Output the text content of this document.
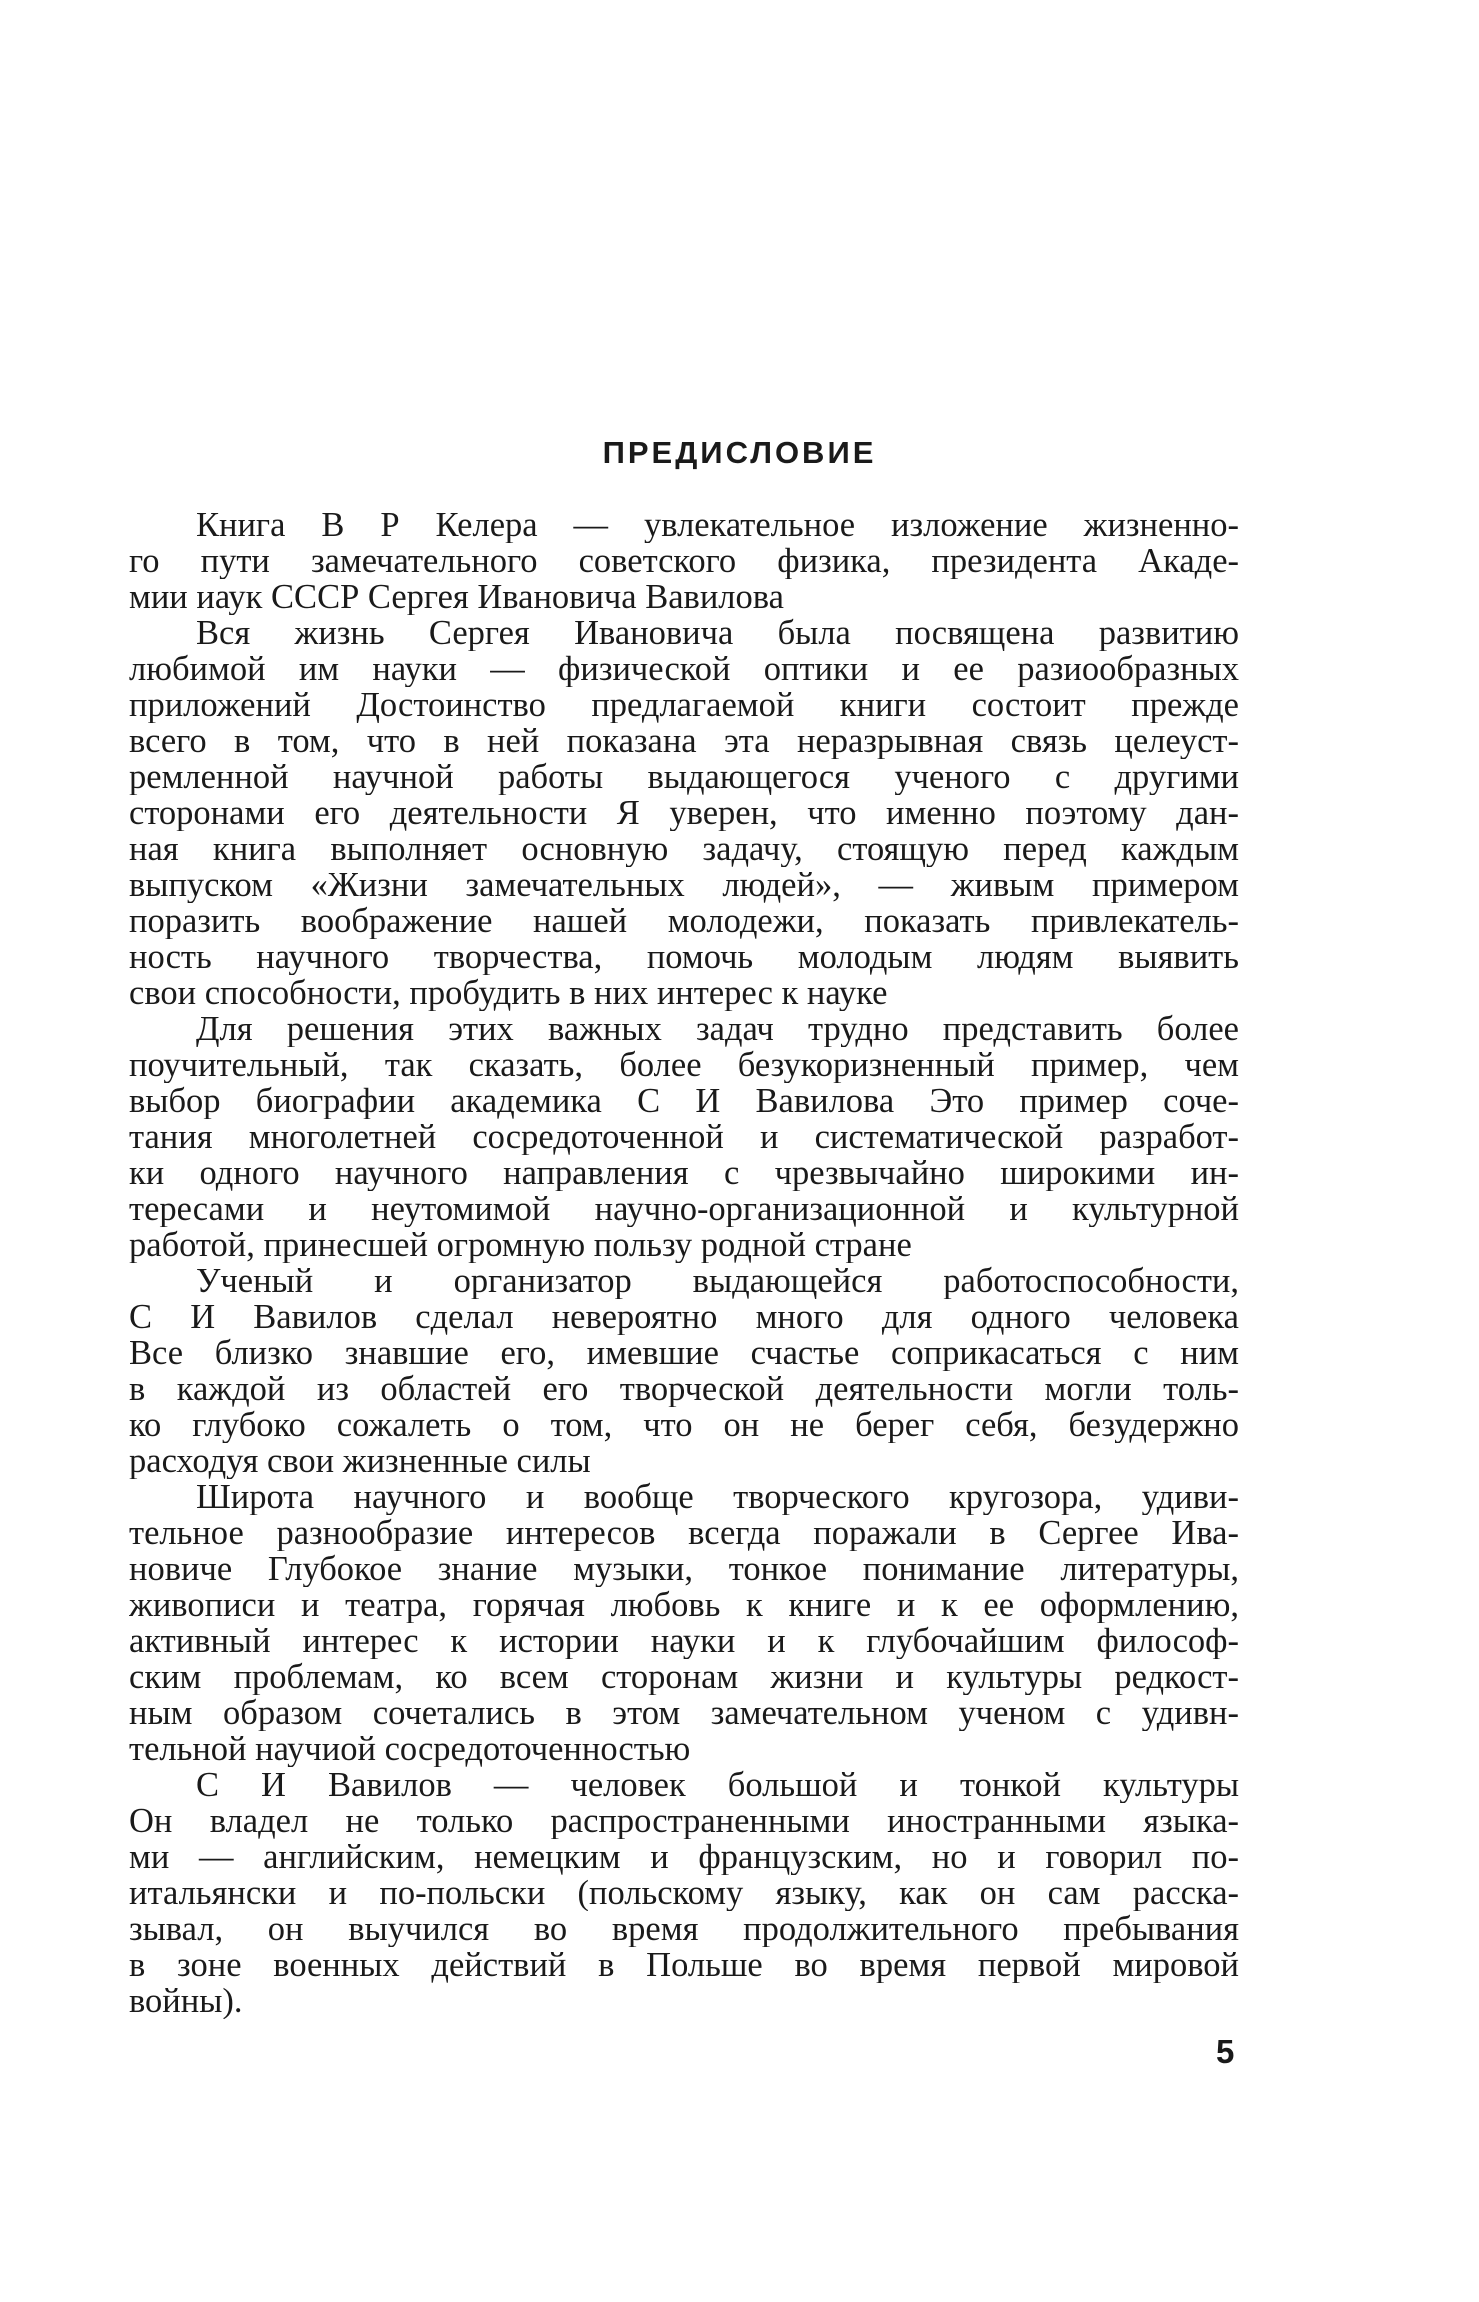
ПРЕДИСЛОВИЕ
Книга В Р Келера — увлекательное изложение жизненно-
го пути замечательного советского физика, президента Акаде-
мии иаук СССР Сергея Ивановича Вавилова
Вся жизнь Сергея Ивановича была посвящена развитию
любимой им науки — физической оптики и ее разиообразных
приложений Достоинство предлагаемой книги состоит прежде
всего в том, что в ней показана эта неразрывная связь целеуст-
ремленной научной работы выдающегося ученого с другими
сторонами его деятельности Я уверен, что именно поэтому дан-
ная книга выполняет основную задачу, стоящую перед каждым
выпуском «Жизни замечательных людей», — живым примером
поразить воображение нашей молодежи, показать привлекатель-
ность научного творчества, помочь молодым людям выявить
свои способности, пробудить в них интерес к науке
Для решения этих важных задач трудно представить более
поучительный, так сказать, более безукоризненный пример, чем
выбор биографии академика С И Вавилова Это пример соче-
тания многолетней сосредоточенной и систематической разработ-
ки одного научного направления с чрезвычайно широкими ин-
тересами и неутомимой научно-организационной и культурной
работой, принесшей огромную пользу родной стране
Ученый и организатор выдающейся работоспособности,
С И Вавилов сделал невероятно много для одного человека
Все близко знавшие его, имевшие счастье соприкасаться с ним
в каждой из областей его творческой деятельности могли толь-
ко глубоко сожалеть о том, что он не берег себя, безудержно
расходуя свои жизненные силы
Широта научного и вообще творческого кругозора, удиви-
тельное разнообразие интересов всегда поражали в Сергее Ива-
новиче Глубокое знание музыки, тонкое понимание литературы,
живописи и театра, горячая любовь к книге и к ее оформлению,
активный интерес к истории науки и к глубочайшим философ-
ским проблемам, ко всем сторонам жизни и культуры редкост-
ным образом сочетались в этом замечательном ученом с удивн-
тельной научиой сосредоточенностью
С И Вавилов — человек большой и тонкой культуры
Он владел не только распространенными иностранными языка-
ми — английским, немецким и французским, но и говорил по-
итальянски и по-польски (польскому языку, как он сам расска-
зывал, он выучился во время продолжительного пребывания
в зоне военных действий в Польше во время первой мировой
войны).
5
